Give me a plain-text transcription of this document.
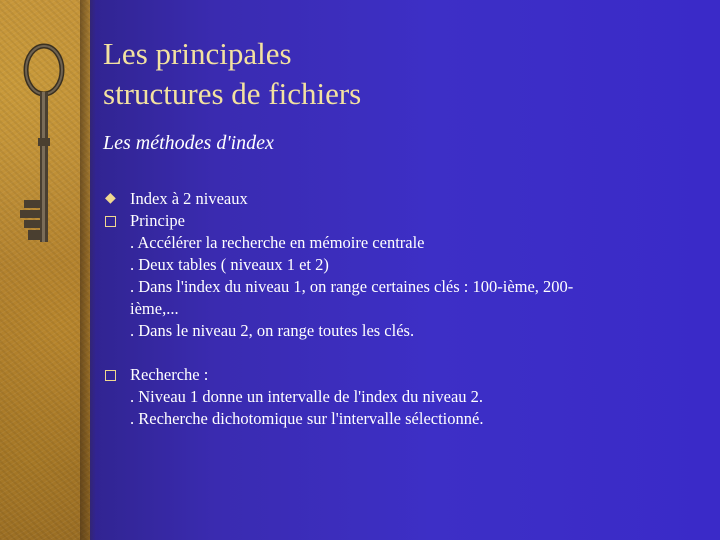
Les principales
structures de fichiers
Les méthodes d'index
◆ Index à 2 niveaux
Principe
. Accélérer la recherche en mémoire centrale
. Deux tables ( niveaux 1 et 2)
. Dans l'index du niveau 1, on range certaines clés : 100-ième, 200-
ième,...
. Dans le niveau 2, on range toutes les clés.
Recherche :
. Niveau 1 donne un intervalle de l'index du niveau 2.
. Recherche dichotomique sur l'intervalle sélectionné.
